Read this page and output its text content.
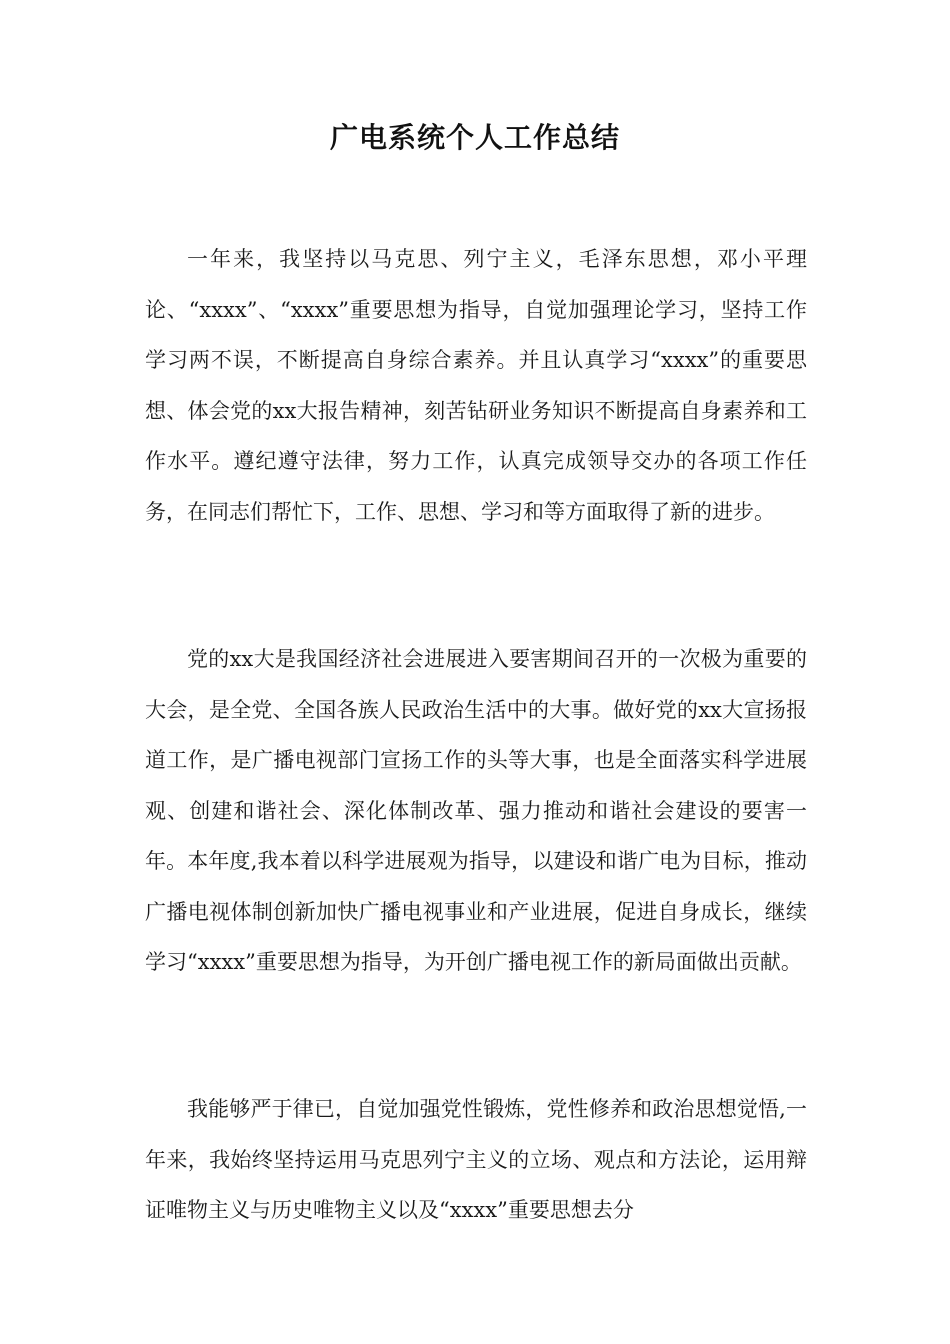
广电系统个人工作总结

一年来，我坚持以马克思、列宁主义，毛泽东思想，邓小平理论、“xxxx”、“xxxx”重要思想为指导，自觉加强理论学习，坚持工作学习两不误，不断提高自身综合素养。并且认真学习“xxxx”的重要思想、体会党的xx大报告精神，刻苦钻研业务知识不断提高自身素养和工作水平。遵纪遵守法律，努力工作，认真完成领导交办的各项工作任务，在同志们帮忙下，工作、思想、学习和等方面取得了新的进步。

党的xx大是我国经济社会进展进入要害期间召开的一次极为重要的大会，是全党、全国各族人民政治生活中的大事。做好党的xx大宣扬报道工作，是广播电视部门宣扬工作的头等大事，也是全面落实科学进展观、创建和谐社会、深化体制改革、强力推动和谐社会建设的要害一年。本年度,我本着以科学进展观为指导，以建设和谐广电为目标，推动广播电视体制创新加快广播电视事业和产业进展，促进自身成长，继续学习“xxxx”重要思想为指导，为开创广播电视工作的新局面做出贡献。

我能够严于律已，自觉加强党性锻炼，党性修养和政治思想觉悟,一年来，我始终坚持运用马克思列宁主义的立场、观点和方法论，运用辩证唯物主义与历史唯物主义以及“xxxx”重要思想去分
